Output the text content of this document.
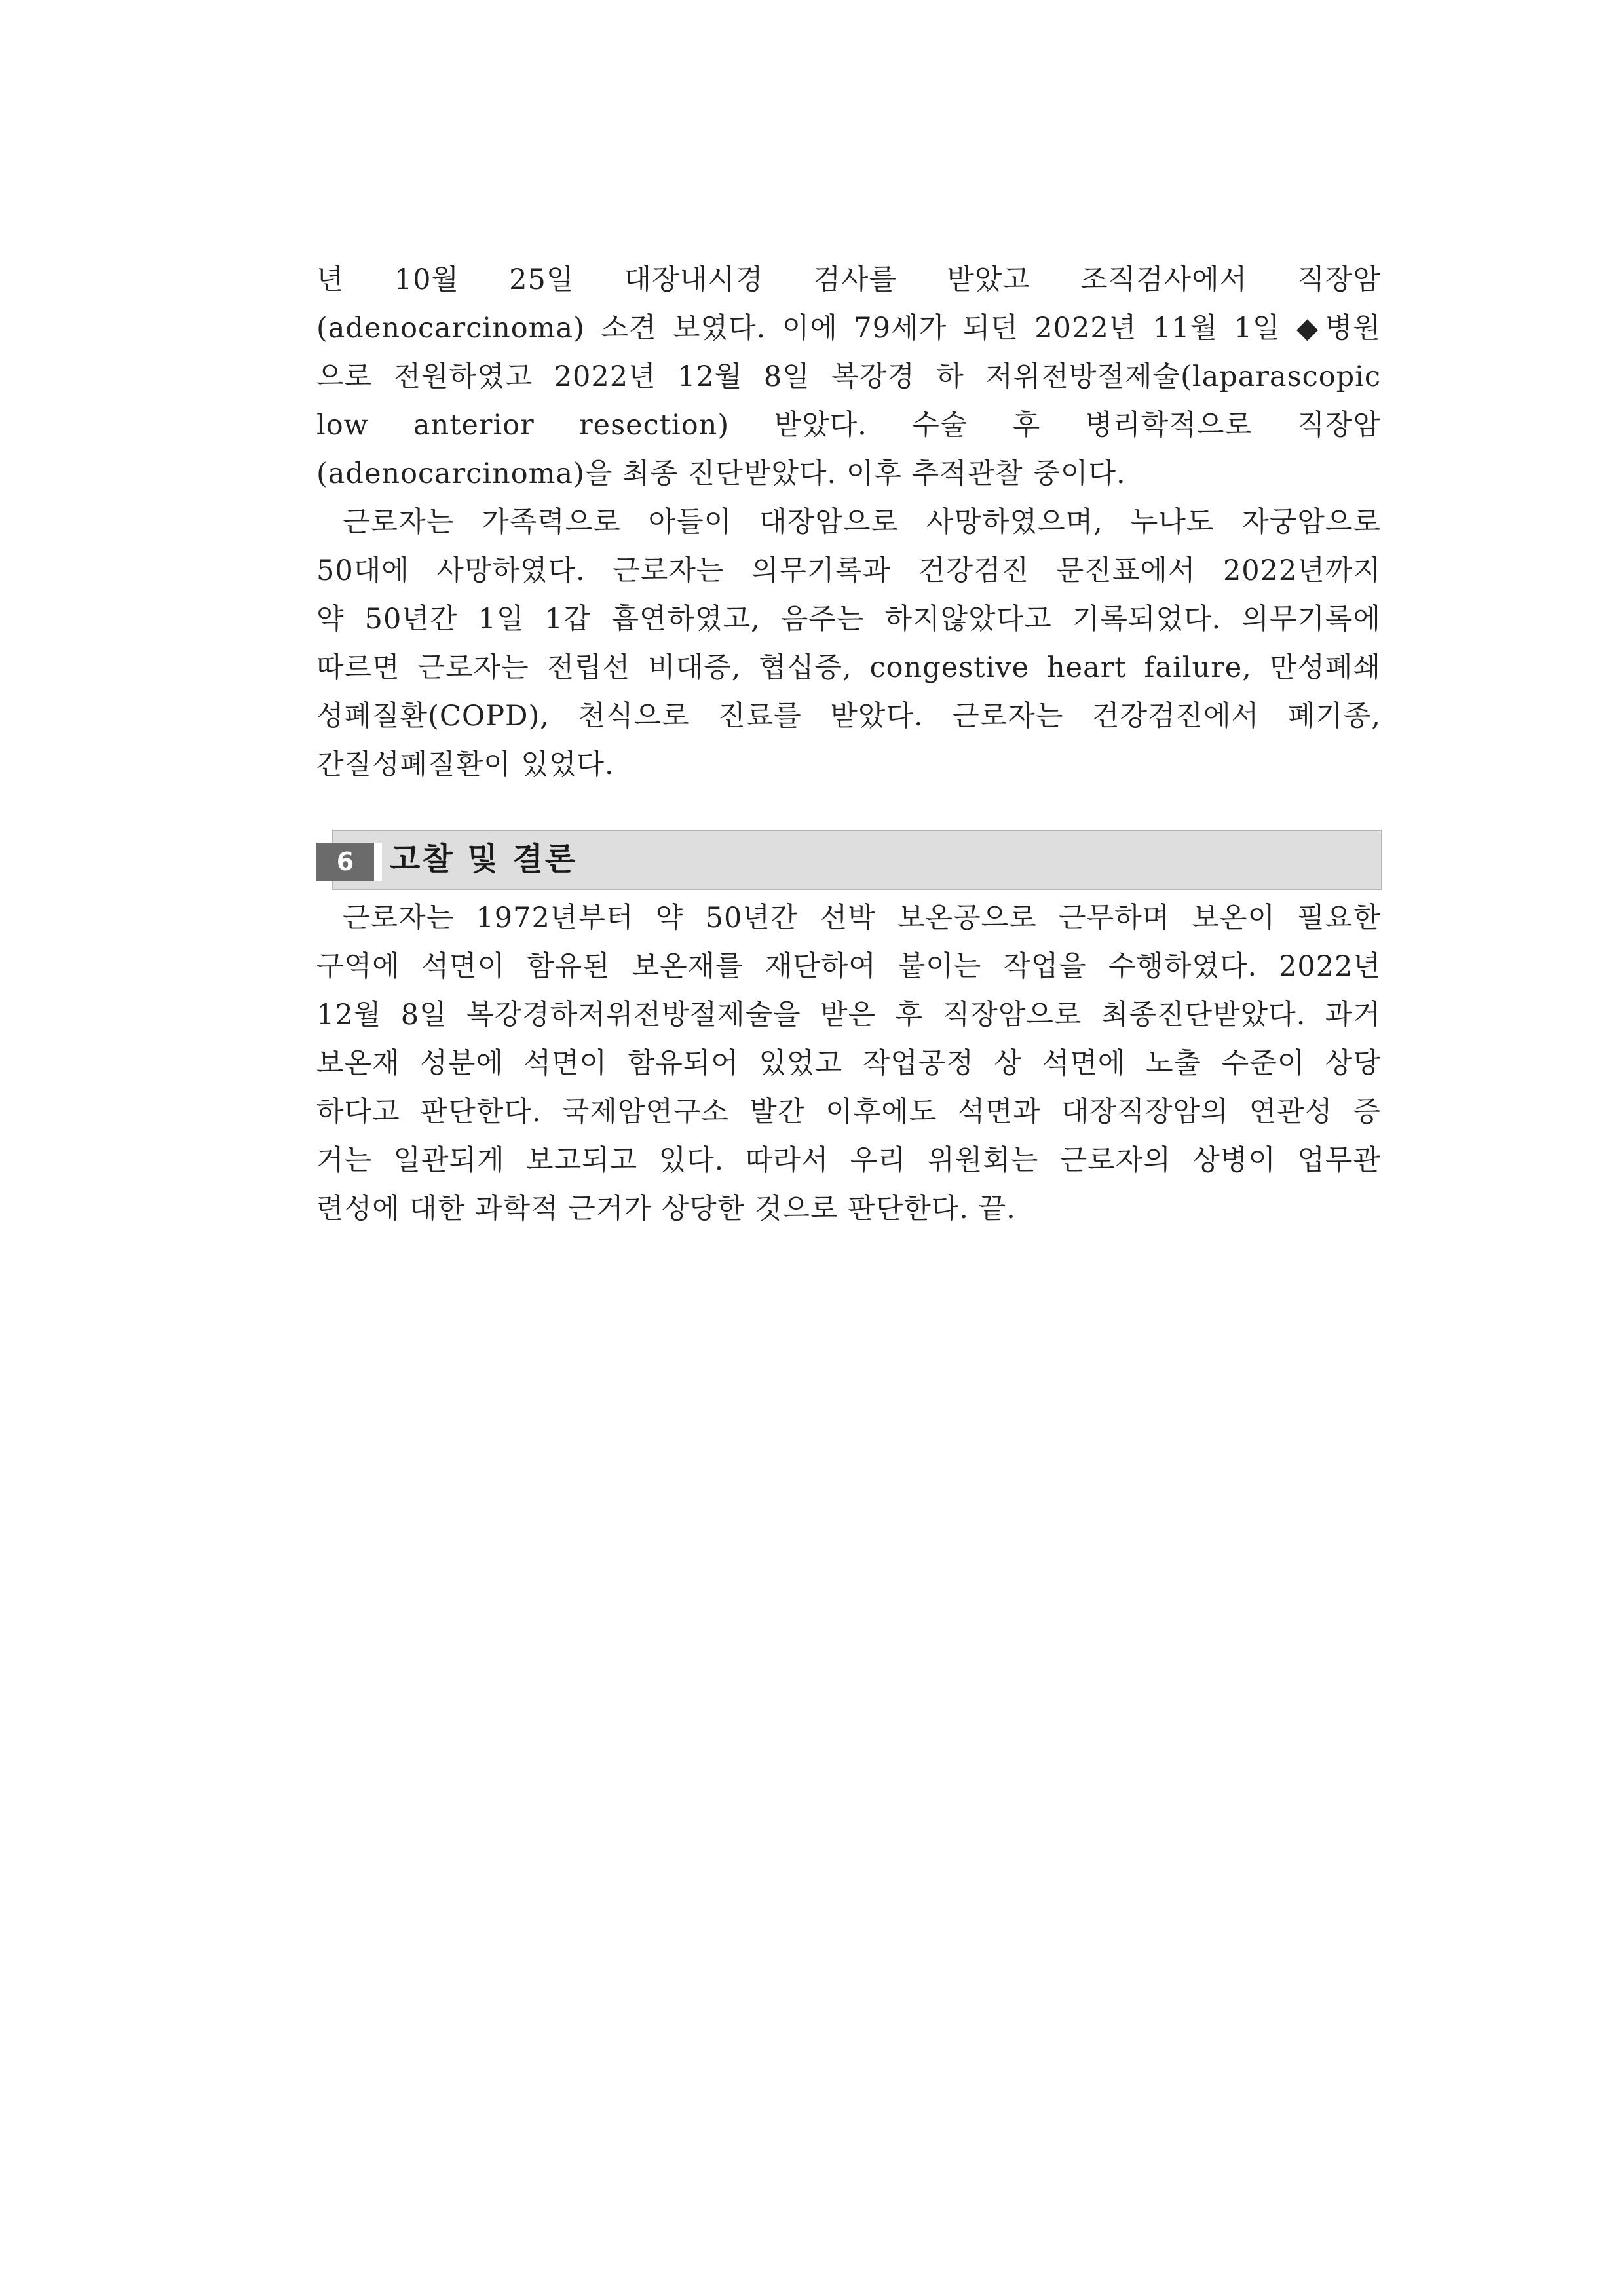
년 10월 25일 대장내시경 검사를 받았고 조직검사에서 직장암
(adenocarcinoma) 소견 보였다. 이에 79세가 되던 2022년 11월 1일 ◆병원
으로 전원하였고 2022년 12월 8일 복강경 하 저위전방절제술(laparascopic
low anterior resection) 받았다. 수술 후 병리학적으로 직장암
(adenocarcinoma)을 최종 진단받았다. 이후 추적관찰 중이다.

근로자는 가족력으로 아들이 대장암으로 사망하였으며, 누나도 자궁암으로
50대에 사망하였다. 근로자는 의무기록과 건강검진 문진표에서 2022년까지
약 50년간 1일 1갑 흡연하였고, 음주는 하지않았다고 기록되었다. 의무기록에
따르면 근로자는 전립선 비대증, 협십증, congestive heart failure, 만성폐쇄
성폐질환(COPD), 천식으로 진료를 받았다. 근로자는 건강검진에서 폐기종,
간질성폐질환이 있었다.

6	고찰 및 결론

근로자는 1972년부터 약 50년간 선박 보온공으로 근무하며 보온이 필요한
구역에 석면이 함유된 보온재를 재단하여 붙이는 작업을 수행하였다. 2022년
12월 8일 복강경하저위전방절제술을 받은 후 직장암으로 최종진단받았다. 과거
보온재 성분에 석면이 함유되어 있었고 작업공정 상 석면에 노출 수준이 상당
하다고 판단한다. 국제암연구소 발간 이후에도 석면과 대장직장암의 연관성 증
거는 일관되게 보고되고 있다. 따라서 우리 위원회는 근로자의 상병이 업무관
련성에 대한 과학적 근거가 상당한 것으로 판단한다. 끝.
